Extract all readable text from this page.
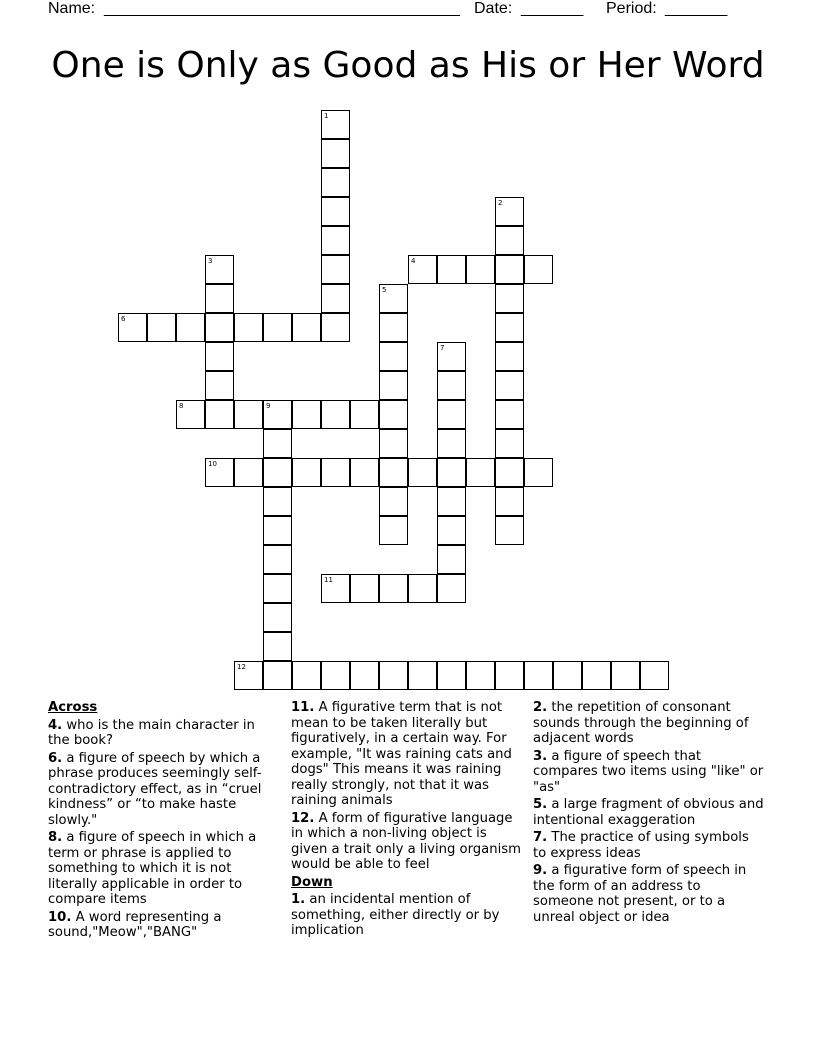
Name: ________________________________________ Date: _______ Period: _______
One is Only as Good as His or Her Word
1
2
3	4
5
6
7
8	9
10
11
12
Across

4. who is the main character in the book?

6. a figure of speech by which a phrase produces seemingly self-contradictory effect, as in “cruel kindness” or “to make haste slowly."

8. a figure of speech in which a term or phrase is applied to something to which it is not literally applicable in order to compare items

10. A word representing a sound,"Meow","BANG"

11. A figurative term that is not mean to be taken literally but figuratively, in a certain way. For example, "It was raining cats and dogs" This means it was raining really strongly, not that it was raining animals

12. A form of figurative language in which a non-living object is given a trait only a living organism would be able to feel

Down

1. an incidental mention of something, either directly or by implication

2. the repetition of consonant sounds through the beginning of adjacent words

3. a figure of speech that compares two items using "like" or "as"

5. a large fragment of obvious and intentional exaggeration

7. The practice of using symbols to express ideas

9. a figurative form of speech in the form of an address to someone not present, or to a unreal object or idea
